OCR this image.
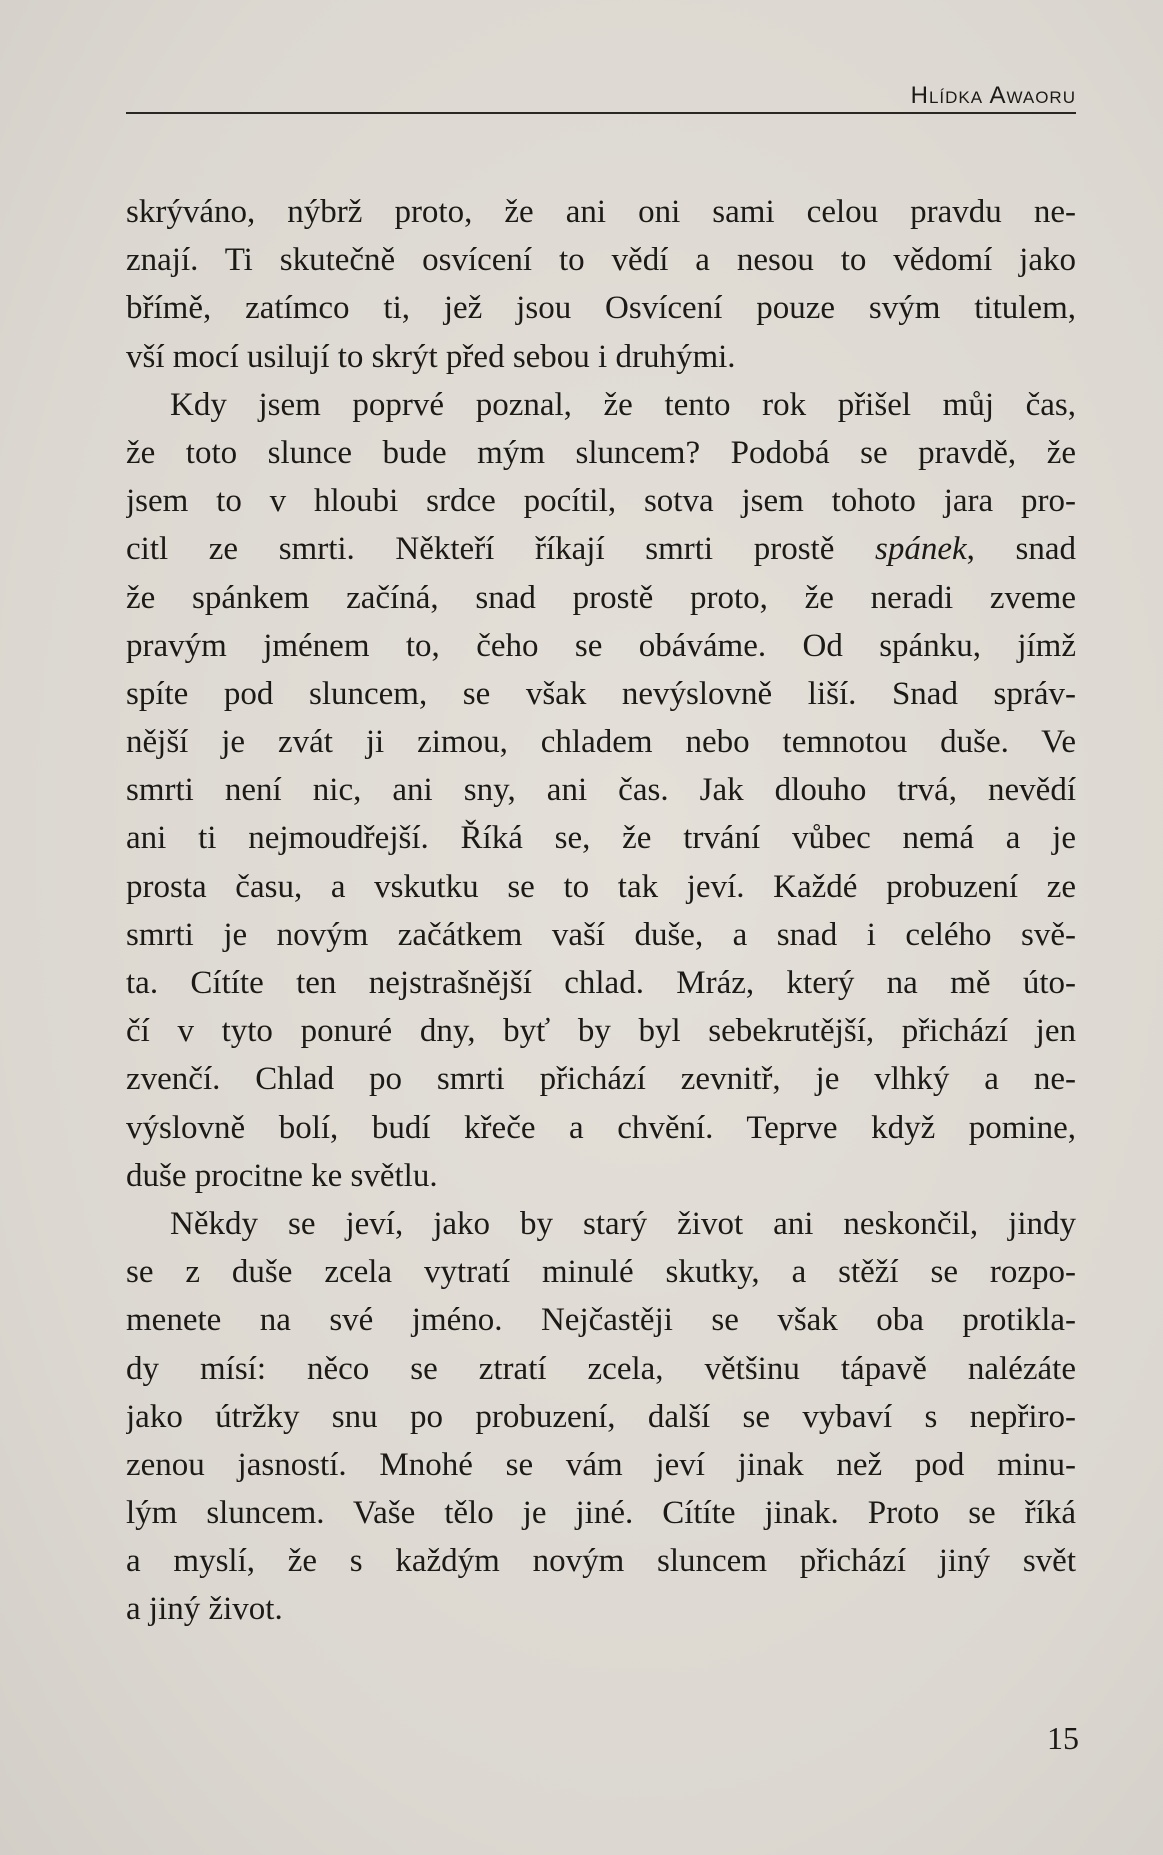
Hlídka Awaoru
skrýváno, nýbrž proto, že ani oni sami celou pravdu ne-
znají. Ti skutečně osvícení to vědí a nesou to vědomí jako
břímě, zatímco ti, jež jsou Osvícení pouze svým titulem,
vší mocí usilují to skrýt před sebou i druhými.
Kdy jsem poprvé poznal, že tento rok přišel můj čas,
že toto slunce bude mým sluncem? Podobá se pravdě, že
jsem to v hloubi srdce pocítil, sotva jsem tohoto jara pro-
citl ze smrti. Někteří říkají smrti prostě spánek, snad
že spánkem začíná, snad prostě proto, že neradi zveme
pravým jménem to, čeho se obáváme. Od spánku, jímž
spíte pod sluncem, se však nevýslovně liší. Snad správ-
nější je zvát ji zimou, chladem nebo temnotou duše. Ve
smrti není nic, ani sny, ani čas. Jak dlouho trvá, nevědí
ani ti nejmoudřejší. Říká se, že trvání vůbec nemá a je
prosta času, a vskutku se to tak jeví. Každé probuzení ze
smrti je novým začátkem vaší duše, a snad i celého svě-
ta. Cítíte ten nejstrašnější chlad. Mráz, který na mě úto-
čí v tyto ponuré dny, byť by byl sebekrutější, přichází jen
zvenčí. Chlad po smrti přichází zevnitř, je vlhký a ne-
výslovně bolí, budí křeče a chvění. Teprve když pomine,
duše procitne ke světlu.
Někdy se jeví, jako by starý život ani neskončil, jindy
se z duše zcela vytratí minulé skutky, a stěží se rozpo-
menete na své jméno. Nejčastěji se však oba protikla-
dy mísí: něco se ztratí zcela, většinu tápavě nalézáte
jako útržky snu po probuzení, další se vybaví s nepřiro-
zenou jasností. Mnohé se vám jeví jinak než pod minu-
lým sluncem. Vaše tělo je jiné. Cítíte jinak. Proto se říká
a myslí, že s každým novým sluncem přichází jiný svět
a jiný život.
15
